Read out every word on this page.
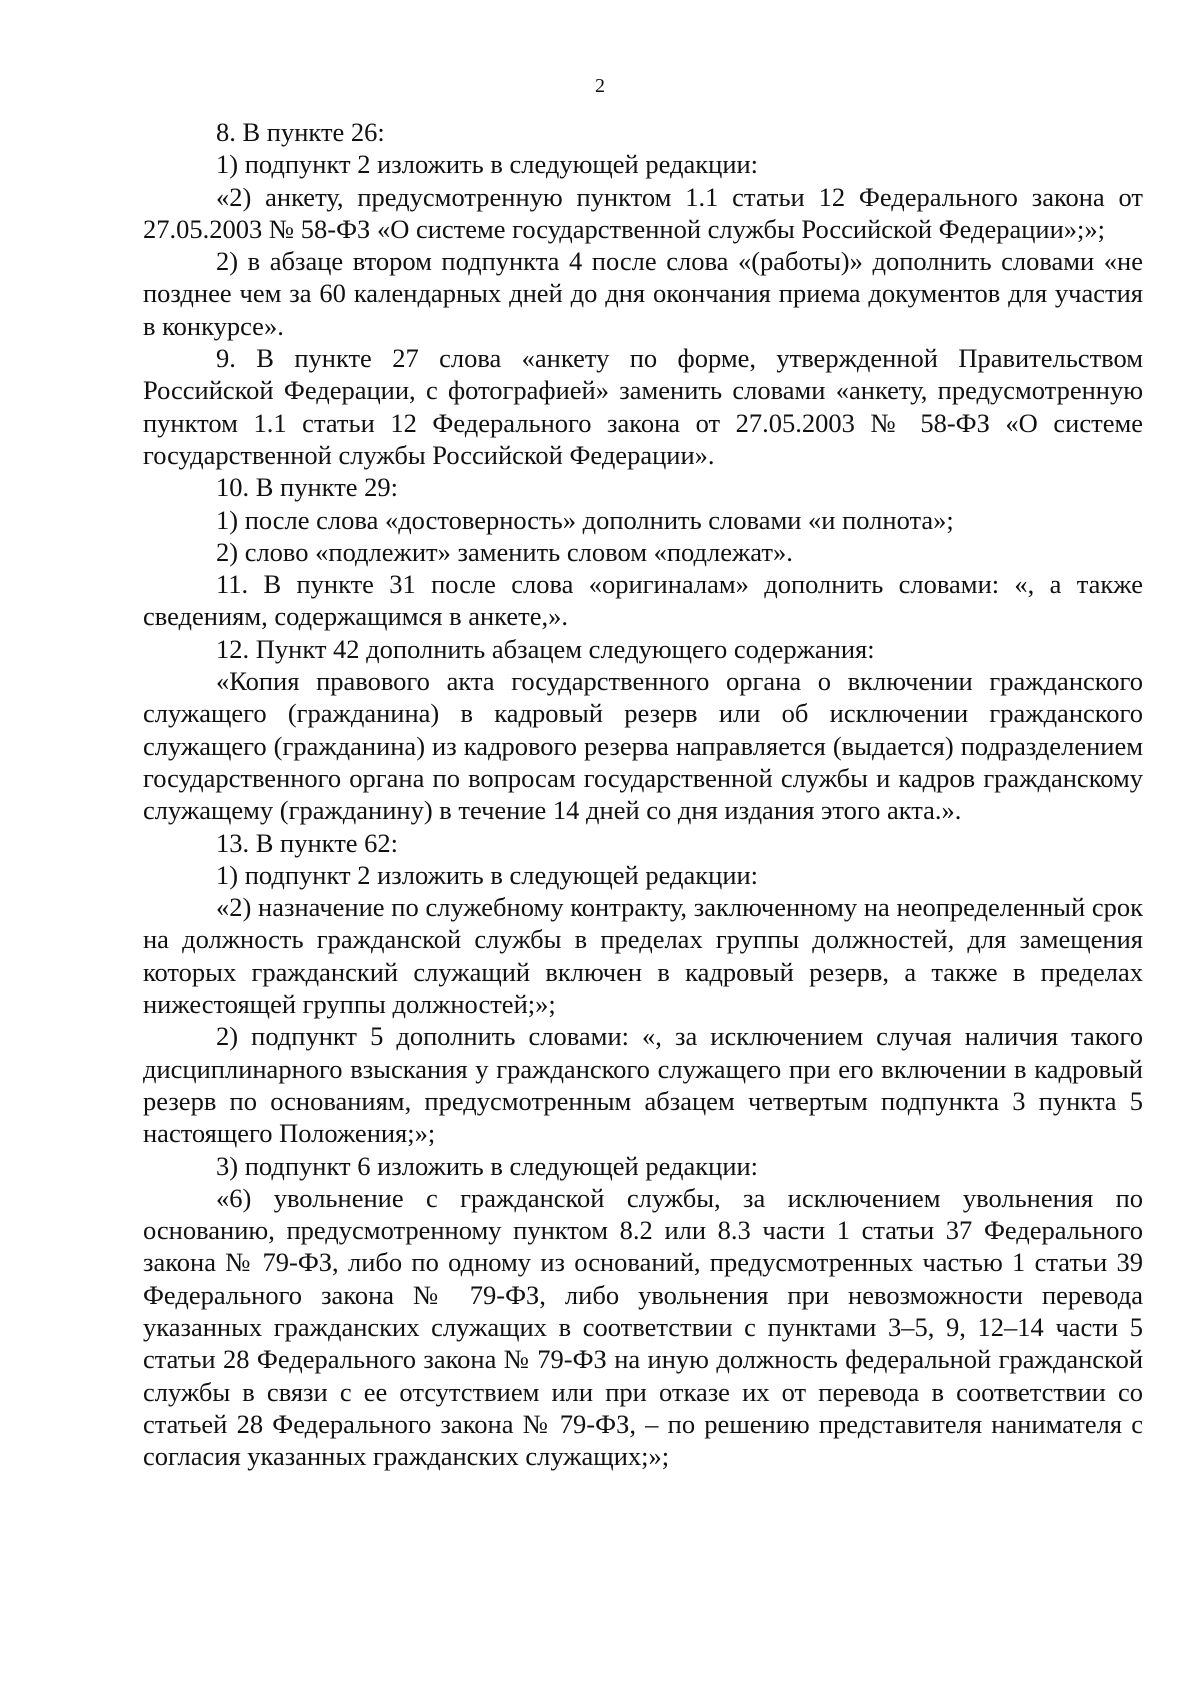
2

8. В пункте 26:

1) подпункт 2 изложить в следующей редакции:

«2) анкету, предусмотренную пунктом 1.1 статьи 12 Федерального закона от 27.05.2003 № 58-ФЗ «О системе государственной службы Российской Федерации»;»;

2) в абзаце втором подпункта 4 после слова «(работы)» дополнить словами «не позднее чем за 60 календарных дней до дня окончания приема документов для участия в конкурсе».

9. В пункте 27 слова «анкету по форме, утвержденной Правительством Российской Федерации, с фотографией» заменить словами «анкету, предусмотренную пунктом 1.1 статьи 12 Федерального закона от 27.05.2003 № 58-ФЗ «О системе государственной службы Российской Федерации».

10. В пункте 29:

1) после слова «достоверность» дополнить словами «и полнота»;

2) слово «подлежит» заменить словом «подлежат».

11. В пункте 31 после слова «оригиналам» дополнить словами: «, а также сведениям, содержащимся в анкете,».

12. Пункт 42 дополнить абзацем следующего содержания:

«Копия правового акта государственного органа о включении гражданского служащего (гражданина) в кадровый резерв или об исключении гражданского служащего (гражданина) из кадрового резерва направляется (выдается) подразделением государственного органа по вопросам государственной службы и кадров гражданскому служащему (гражданину) в течение 14 дней со дня издания этого акта.».

13. В пункте 62:

1) подпункт 2 изложить в следующей редакции:

«2) назначение по служебному контракту, заключенному на неопределенный срок на должность гражданской службы в пределах группы должностей, для замещения которых гражданский служащий включен в кадровый резерв, а также в пределах нижестоящей группы должностей;»;

2) подпункт 5 дополнить словами: «, за исключением случая наличия такого дисциплинарного взыскания у гражданского служащего при его включении в кадровый резерв по основаниям, предусмотренным абзацем четвертым подпункта 3 пункта 5 настоящего Положения;»;

3) подпункт 6 изложить в следующей редакции:

«6) увольнение с гражданской службы, за исключением увольнения по основанию, предусмотренному пунктом 8.2 или 8.3 части 1 статьи 37 Федерального закона № 79-ФЗ, либо по одному из оснований, предусмотренных частью 1 статьи 39 Федерального закона № 79-ФЗ, либо увольнения при невозможности перевода указанных гражданских служащих в соответствии с пунктами 3–5, 9, 12–14 части 5 статьи 28 Федерального закона № 79-ФЗ на иную должность федеральной гражданской службы в связи с ее отсутствием или при отказе их от перевода в соответствии со статьей 28 Федерального закона № 79-ФЗ, – по решению представителя нанимателя с согласия указанных гражданских служащих;»;
